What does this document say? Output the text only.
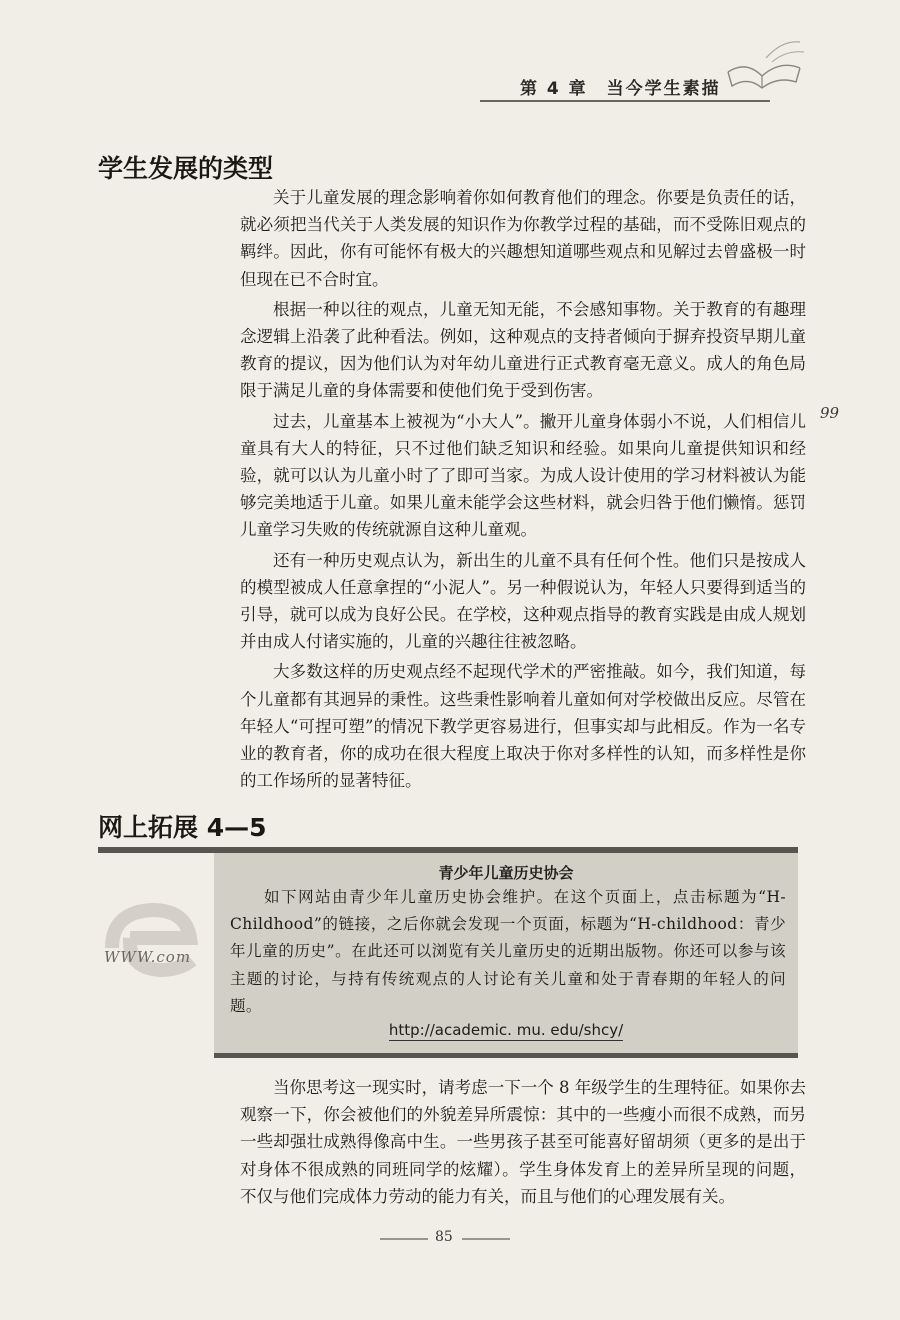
第 4 章　当今学生素描
学生发展的类型

关于儿童发展的理念影响着你如何教育他们的理念。你要是负责任的话，就必须把当代关于人类发展的知识作为你教学过程的基础，而不受陈旧观点的羁绊。因此，你有可能怀有极大的兴趣想知道哪些观点和见解过去曾盛极一时但现在已不合时宜。

根据一种以往的观点，儿童无知无能，不会感知事物。关于教育的有趣理念逻辑上沿袭了此种看法。例如，这种观点的支持者倾向于摒弃投资早期儿童教育的提议，因为他们认为对年幼儿童进行正式教育毫无意义。成人的角色局限于满足儿童的身体需要和使他们免于受到伤害。

过去，儿童基本上被视为“小大人”。撇开儿童身体弱小不说，人们相信儿童具有大人的特征，只不过他们缺乏知识和经验。如果向儿童提供知识和经验，就可以认为儿童小时了了即可当家。为成人设计使用的学习材料被认为能够完美地适于儿童。如果儿童未能学会这些材料，就会归咎于他们懒惰。惩罚儿童学习失败的传统就源自这种儿童观。

还有一种历史观点认为，新出生的儿童不具有任何个性。他们只是按成人的模型被成人任意拿捏的“小泥人”。另一种假说认为，年轻人只要得到适当的引导，就可以成为良好公民。在学校，这种观点指导的教育实践是由成人规划并由成人付诸实施的，儿童的兴趣往往被忽略。

大多数这样的历史观点经不起现代学术的严密推敲。如今，我们知道，每个儿童都有其迥异的秉性。这些秉性影响着儿童如何对学校做出反应。尽管在年轻人“可捏可塑”的情况下教学更容易进行，但事实却与此相反。作为一名专业的教育者，你的成功在很大程度上取决于你对多样性的认知，而多样性是你的工作场所的显著特征。

99
网上拓展 4—5
WWW.com
青少年儿童历史协会

如下网站由青少年儿童历史协会维护。在这个页面上，点击标题为“H-Childhood”的链接，之后你就会发现一个页面，标题为“H-childhood：青少年儿童的历史”。在此还可以浏览有关儿童历史的近期出版物。你还可以参与该主题的讨论，与持有传统观点的人讨论有关儿童和处于青春期的年轻人的问题。

http://academic. mu. edu/shcy/

当你思考这一现实时，请考虑一下一个 8 年级学生的生理特征。如果你去观察一下，你会被他们的外貌差异所震惊：其中的一些瘦小而很不成熟，而另一些却强壮成熟得像高中生。一些男孩子甚至可能喜好留胡须（更多的是出于对身体不很成熟的同班同学的炫耀）。学生身体发育上的差异所呈现的问题，不仅与他们完成体力劳动的能力有关，而且与他们的心理发展有关。

85
